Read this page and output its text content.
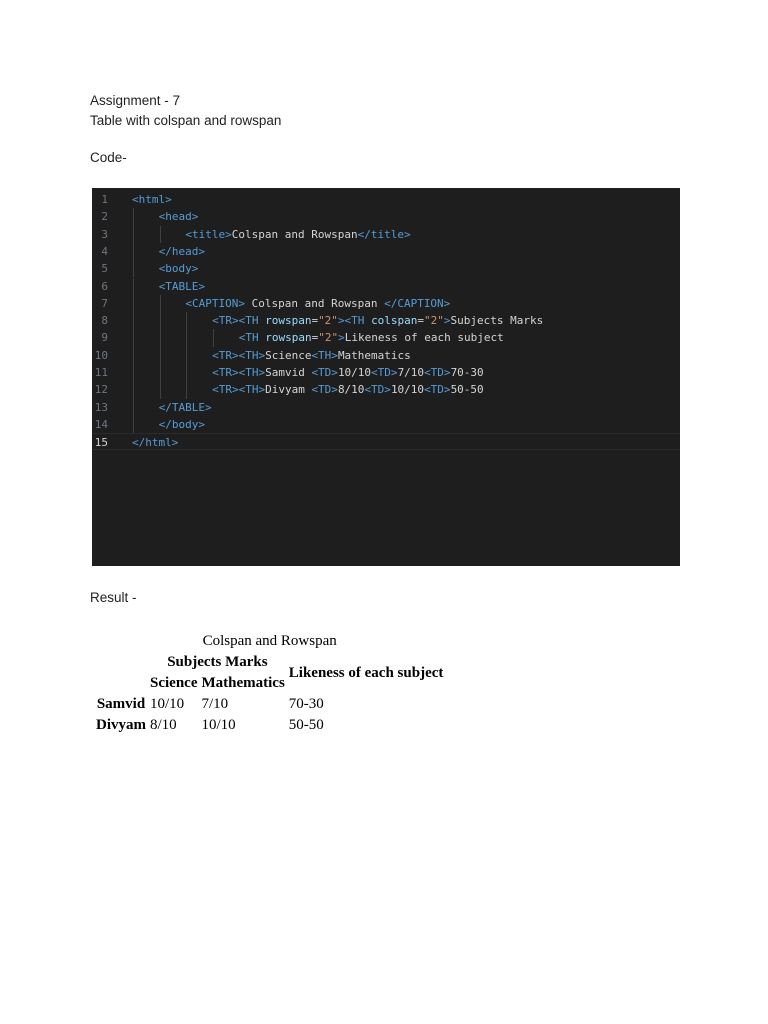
Assignment - 7
Table with colspan and rowspan
Code-
1 <html>
2	<head>
3	<title>Colspan and Rowspan</title>
4	</head>
5	<body>
6	<TABLE>
7	<CAPTION> Colspan and Rowspan </CAPTION>
8	<TR><TH rowspan="2"><TH colspan="2">Subjects Marks
9	<TH rowspan="2">Likeness of each subject
10	<TR><TH>Science<TH>Mathematics
11	<TR><TH>Samvid <TD>10/10<TD>7/10<TD>70-30
12	<TR><TH>Divyam <TD>8/10<TD>10/10<TD>50-50
13	</TABLE>
14	</body>
15 </html>
Result -
Colspan and Rowspan
	Subjects Marks		Likeness of each subject
	Science	Mathematics	
Samvid	10/10	7/10	70-30
Divyam	8/10	10/10	50-50
